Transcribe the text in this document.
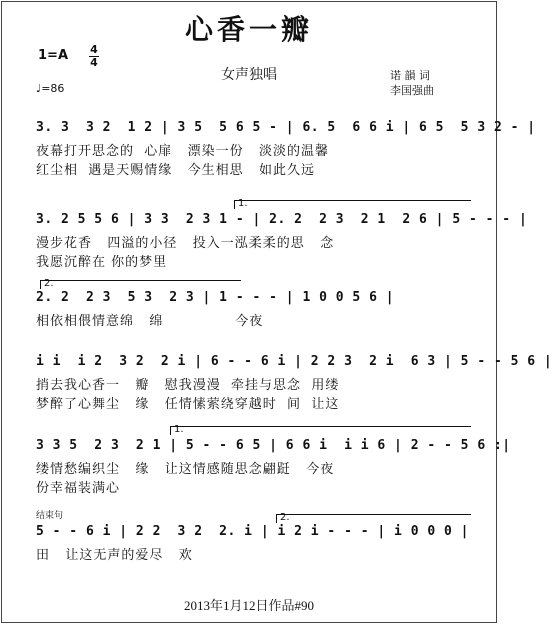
心香一瓣
1=A 4
4
女声独唱	诺 韻 词
李国强曲
♩=86
3. 3  3 2  1 2 | 3 5  5 6 5 - | 6. 5  6 6 i | 6 5  5 3 2 - |
夜幕打开思念的  心扉   漂染一份   淡淡的温馨
红尘相  遇是天赐情缘   今生相思   如此久远
1.
3. 2 5 5 6 | 3 3  2 3 1 - | 2. 2  2 3  2 1  2 6 | 5 - - - |
漫步花香   四溢的小径   投入一泓柔柔的思   念
我愿沉醉在 你的梦里
2.
2. 2  2 3  5 3  2 3 | 1 - - - | 1 0 0 5 6 |
相依相偎情意绵   绵              今夜
i i  i 2  3 2  2 i | 6 - - 6 i | 2 2 3  2 i  6 3 | 5 - - 5 6 |
捎去我心香一   瓣   慰我漫漫  牵挂与思念  用缕
梦醉了心舞尘   缘   任情愫萦绕穿越时  间  让这
1.
3 3 5  2 3  2 1 | 5 - - 6 5 | 6 6 i  i i 6 | 2 - - 5 6 :|
缕情愁编织尘   缘   让这情感随思念翩跹   今夜
份幸福装满心
结束句	2.
5 - - 6 i | 2 2  3 2  2. i | i 2 i - - - | i 0 0 0 |
田   让这无声的爱尽   欢
2013年1月12日作品#90
